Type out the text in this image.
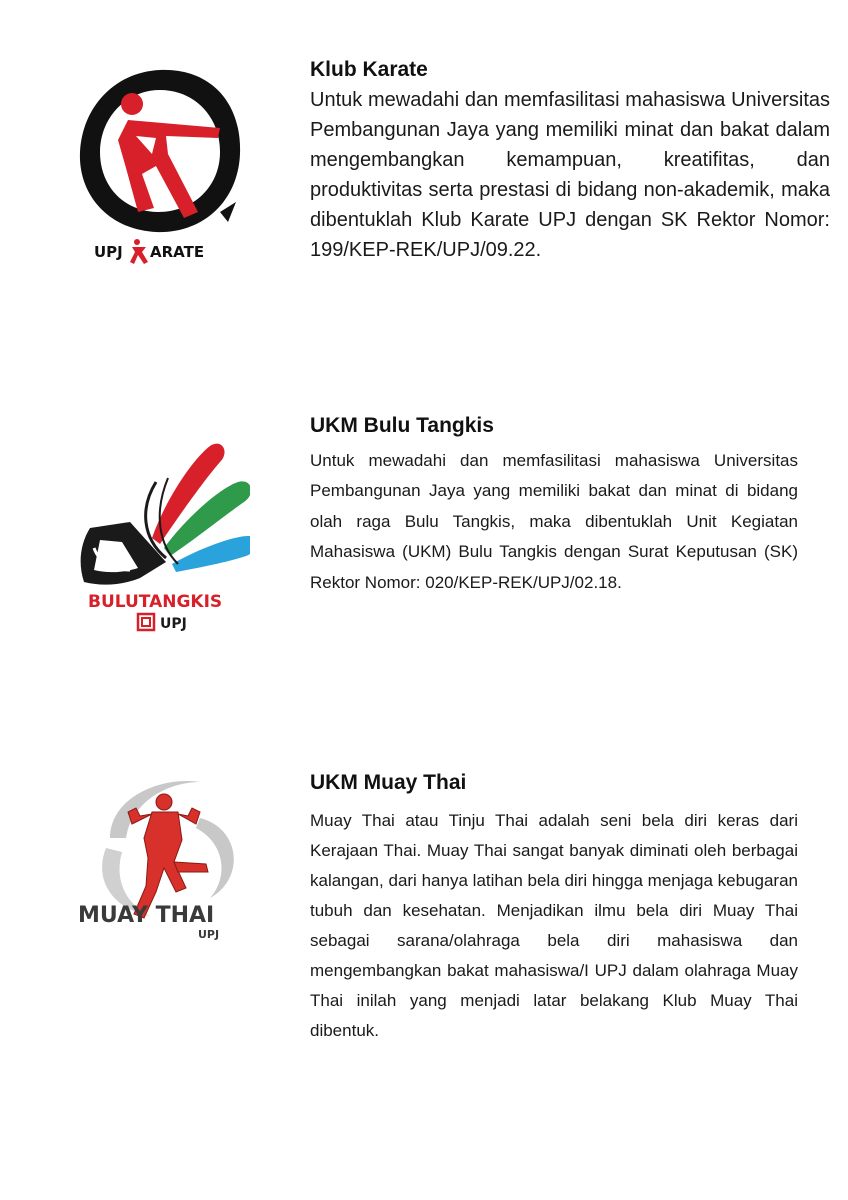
UPJ ARATE
Klub Karate

Untuk mewadahi dan memfasilitasi mahasiswa Universitas Pembangunan Jaya yang memiliki minat dan bakat dalam mengembangkan kemampuan, kreatifitas, dan produktivitas serta prestasi di bidang non-akademik, maka dibentuklah Klub Karate UPJ dengan SK Rektor Nomor: 199/KEP-REK/UPJ/09.22.

BULUTANGKIS
UPJ
UKM Bulu Tangkis

Untuk mewadahi dan memfasilitasi mahasiswa Universitas Pembangunan Jaya yang memiliki bakat dan minat di bidang olah raga Bulu Tangkis, maka dibentuklah Unit Kegiatan Mahasiswa (UKM) Bulu Tangkis dengan Surat Keputusan (SK) Rektor Nomor: 020/KEP-REK/UPJ/02.18.

MUAY THAI
UPJ
UKM Muay Thai

Muay Thai atau Tinju Thai adalah seni bela diri keras dari Kerajaan Thai. Muay Thai sangat banyak diminati oleh berbagai kalangan, dari hanya latihan bela diri hingga menjaga kebugaran tubuh dan kesehatan. Menjadikan ilmu bela diri Muay Thai sebagai sarana/olahraga bela diri mahasiswa dan mengembangkan bakat mahasiswa/I UPJ dalam olahraga Muay Thai inilah yang menjadi latar belakang Klub Muay Thai dibentuk.
